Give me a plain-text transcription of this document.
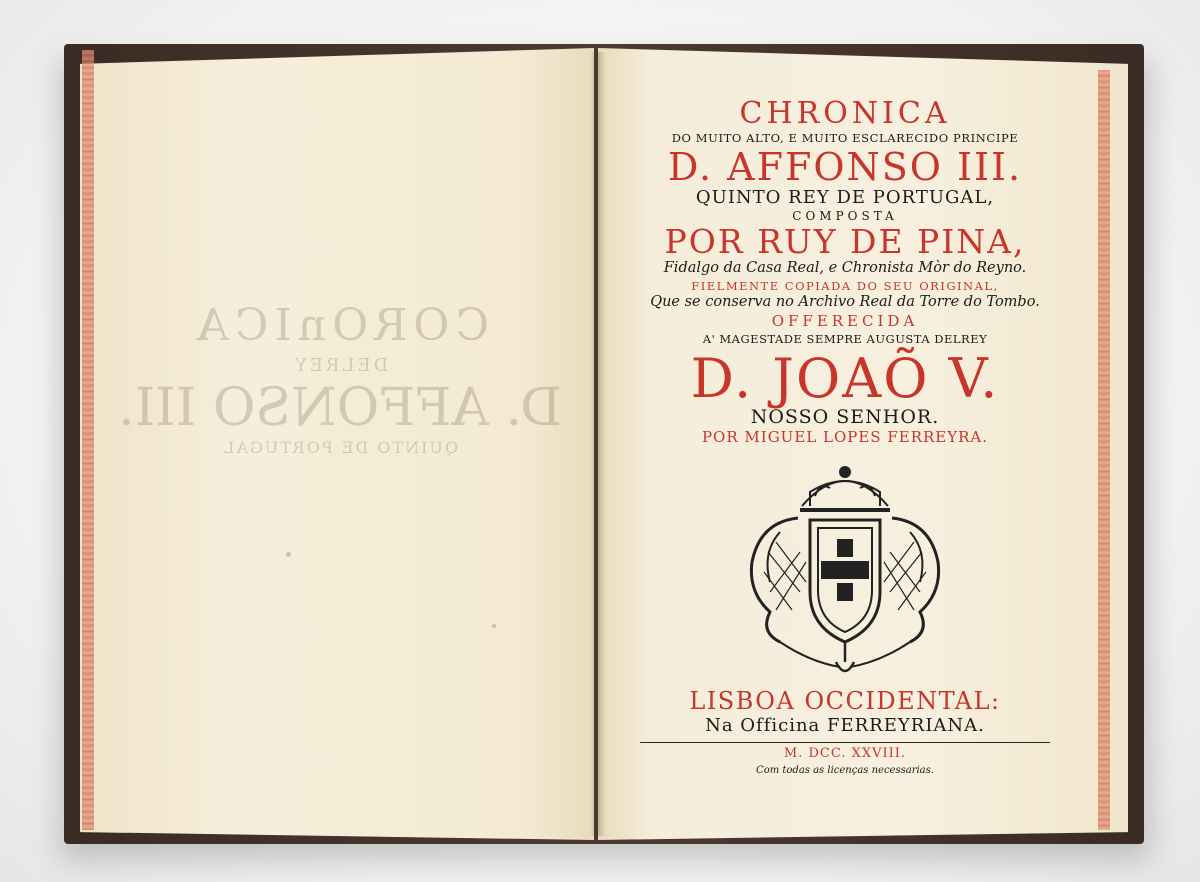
COROnICA
DELREY
D. AFFONSO III.
QUINTO DE PORTUGAL
CHRONICA
DO MUITO ALTO, E MUITO ESCLARECIDO PRINCIPE
D. AFFONSO III.
QUINTO REY DE PORTUGAL,
COMPOSTA
POR RUY DE PINA,
Fidalgo da Casa Real, e Chronista Mòr do Reyno.
FIELMENTE COPIADA DO SEU ORIGINAL,
Que se conserva no Archivo Real da Torre do Tombo.
OFFERECIDA
A' MAGESTADE SEMPRE AUGUSTA DELREY
D. JOAÕ V.
NOSSO SENHOR.
POR MIGUEL LOPES FERREYRA.
LISBOA OCCIDENTAL:
Na Officina FERREYRIANA.
M. DCC. XXVIII.
Com todas as licenças necessarias.
